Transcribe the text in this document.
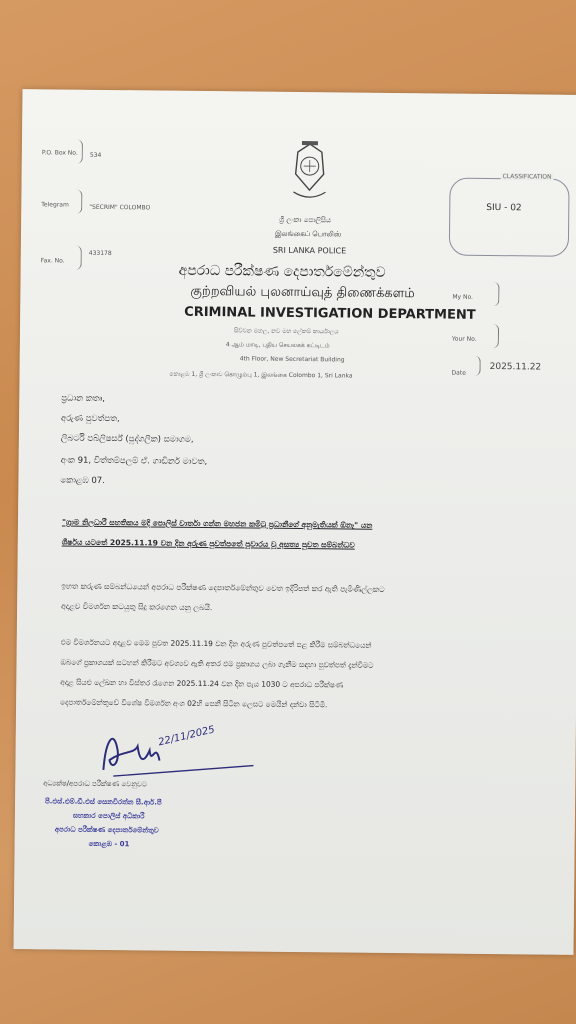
P.O. Box No. 534
Telegram	"SECRIM" COLOMBO
Fax. No.
433178
ශ්‍රී ලංකා පොලිසිය
இலங்கைப் பொலிஸ்
SRI LANKA POLICE
අපරාධ පරීක්ෂණ දෙපාර්තමේන්තුව
குற்றவியல் புலனாய்வுத் திணைக்களம்
CRIMINAL INVESTIGATION DEPARTMENT
සිව්වන මහල, නව මහ ලේකම් කාර්යාලය
4 ஆம் மாடி, புதிய செயலகக் கட்டிடம்
4th Floor, New Secretariat Building
කොළඹ 1, ශ්‍රී ලංකාව கொழும்பு 1, இலங்கை Colombo 1, Sri Lanka
CLASSIFICATION
SIU - 02
My No.
Your No.
Date
2025.11.22
ප්‍රධාන කතෘ,
අරුණ පුවත්පත,
ලිබර්ටි පබ්ලිෂර්ස් (පුද්ගලික) සමාගම,
අංක 91, චිත්තම්පලම් ඒ. ගාඩිනර් මාවත,
කොළඹ 07.
"ග්‍රාම නිලධාරී සහතිකය මදි පොලිස් වාර්තා ගන්න මහජන කමිටු ප්‍රධානීගේ අනුමැතියක් ඕනෑ" යන
ශීර්ෂය යටතේ 2025.11.19 වන දින අරුණ පුවත්පතේ පුවාරය වූ අසත්‍ය පුවත සම්බන්ධව
ඉහත කරුණ සම්බන්ධයෙන් අපරාධ පරීක්ෂණ දෙපාර්තමේන්තුව වෙත ඉදිරිපත් කර ඇති පැමිණිල්ලකට
අදාළව විමර්ශන කටයුතු සිදු කරගෙන යනු ලබයි.
එම විමර්ශනයට අදාළව මෙම පුවත 2025.11.19 වන දින අරුණ පුවත්පතේ පළ කිරීම සම්බන්ධයෙන්
ඔබගේ ප්‍රකාශයක් සටහන් කිරීමට අවශ්‍යව ඇති අතර එම ප්‍රකාශය ලබා ගැනීම සඳහා පුවත්පත් දැන්වීමට
අදාළ සියළු ලේඛන හා විස්තර රැගෙන 2025.11.24 වන දින පැය 1030 ට අපරාධ පරීක්ෂණ
දෙපාර්තමේන්තුවේ විශේෂ විමර්ශන අංශ 02හි පෙනී සිටින ලෙසට මෙයින් දන්වා සිටිමි.
22/11/2025
අධ්‍යක්ෂ/අපරාධ පරීක්ෂණ වෙනුවට
පී.එස්.එම්.ඩී.එස් සෙනවිරත්න සී.ආර්.පී
සහකාර පොලිස් අධිකාරී
අපරාධ පරීක්ෂණ දෙපාර්තමේන්තුව
කොළඹ - 01
